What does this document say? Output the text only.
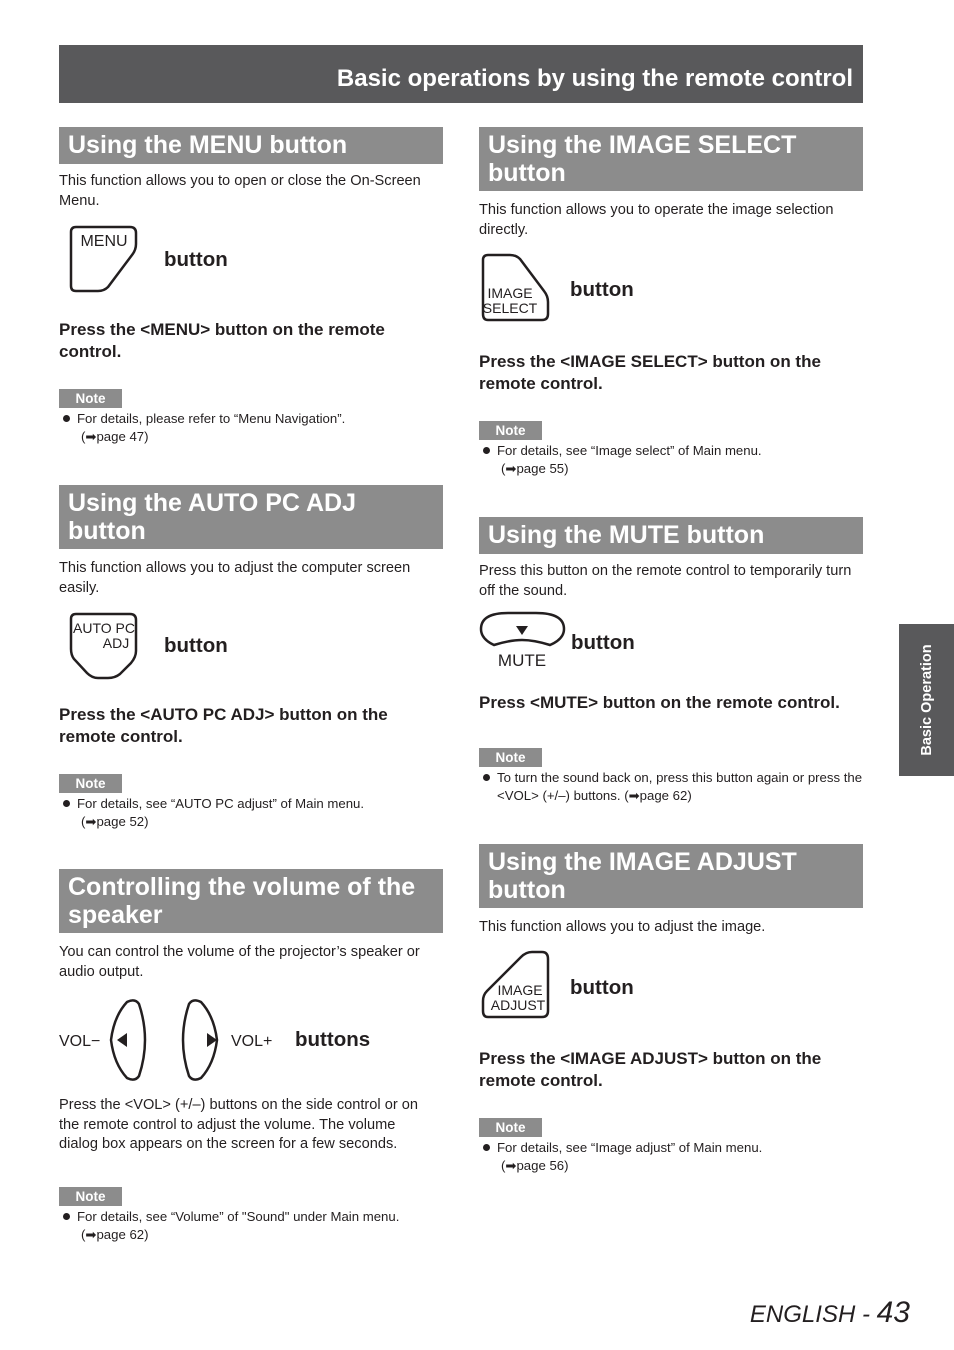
Basic operations by using the remote control
Using the MENU button
This function allows you to open or close the On-Screen Menu.
MENU
button
Press the <MENU> button on the remote control.
Note
For details, please refer to “Menu Navigation”.
(➡page 47)
Using the AUTO PC ADJ button
This function allows you to adjust the computer screen easily.
AUTO PC
ADJ button
Press the <AUTO PC ADJ> button on the remote control.
Note
For details, see “AUTO PC adjust” of Main menu.
(➡page 52)
Controlling the volume of the speaker
You can control the volume of the projector’s speaker or audio output.
VOL−	VOL+ buttons
Press the <VOL> (+/–) buttons on the side control or on the remote control to adjust the volume. The volume dialog box appears on the screen for a few seconds.
Note
For details, see “Volume” of "Sound" under Main menu.
(➡page 62)
Using the IMAGE SELECT button
This function allows you to operate the image selection directly.
IMAGE
SELECT
button
Press the <IMAGE SELECT> button on the remote control.
Note
For details, see “Image select” of Main menu.
(➡page 55)
Using the MUTE button
Press this button on the remote control to temporarily turn off the sound.
MUTE
button
Press <MUTE> button on the remote control.
Note
To turn the sound back on, press this button again or press the <VOL> (+/–) buttons. (➡page 62)
Using the IMAGE ADJUST button
This function allows you to adjust the image.
IMAGE
ADJUST
button
Press the <IMAGE ADJUST> button on the remote control.
Note
For details, see “Image adjust” of Main menu.
(➡page 56)
Basic Operation
ENGLISH - 43
